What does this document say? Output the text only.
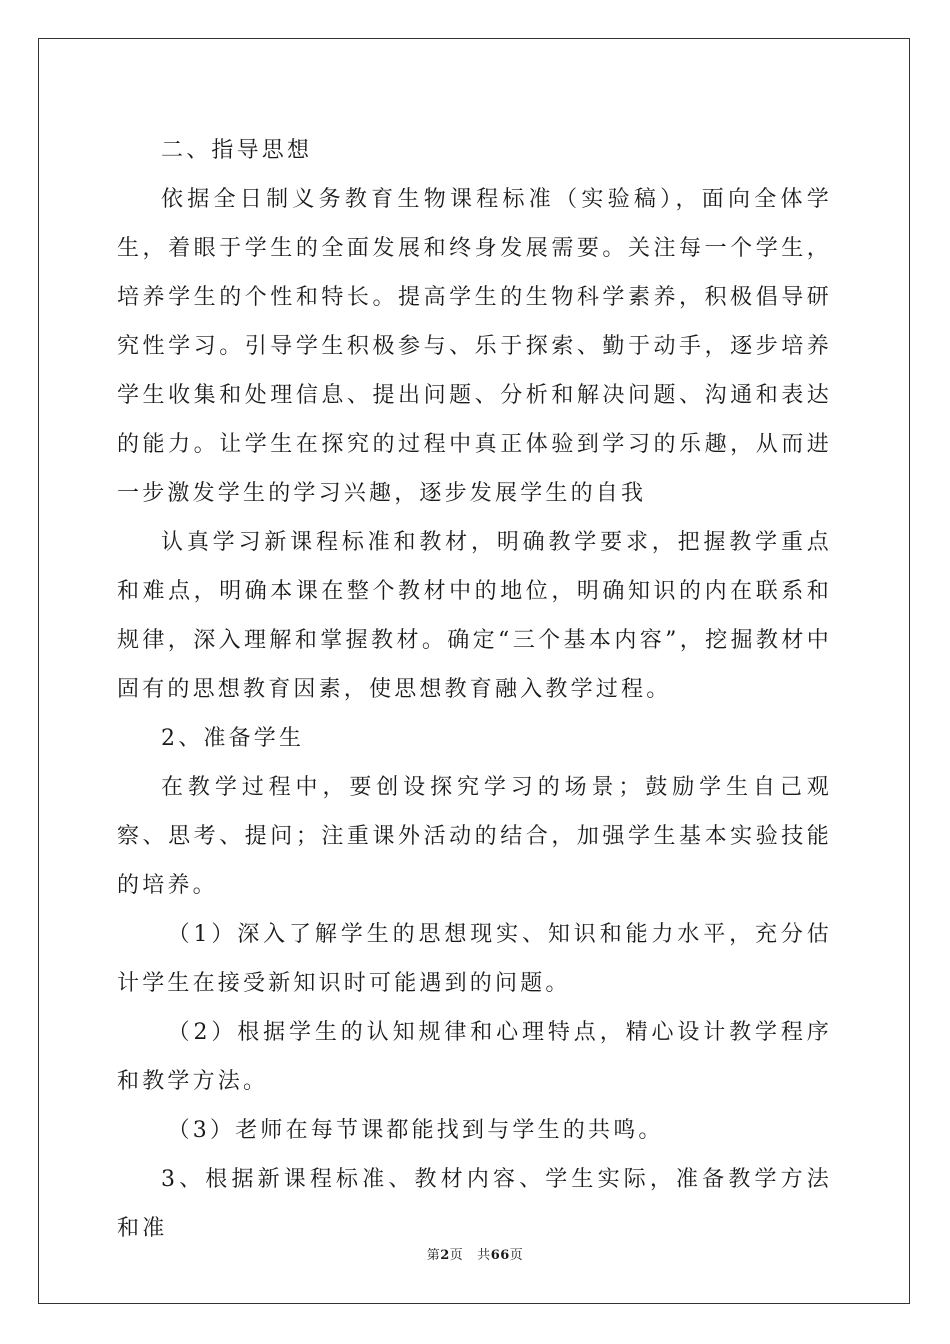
二、指导思想

依据全日制义务教育生物课程标准（实验稿），面向全体学生，着眼于学生的全面发展和终身发展需要。关注每一个学生，培养学生的个性和特长。提高学生的生物科学素养，积极倡导研究性学习。引导学生积极参与、乐于探索、勤于动手，逐步培养学生收集和处理信息、提出问题、分析和解决问题、沟通和表达的能力。让学生在探究的过程中真正体验到学习的乐趣，从而进一步激发学生的学习兴趣，逐步发展学生的自我

认真学习新课程标准和教材，明确教学要求，把握教学重点和难点，明确本课在整个教材中的地位，明确知识的内在联系和规律，深入理解和掌握教材。确定“三个基本内容”，挖掘教材中固有的思想教育因素，使思想教育融入教学过程。

2、准备学生

在教学过程中，要创设探究学习的场景；鼓励学生自己观察、思考、提问；注重课外活动的结合，加强学生基本实验技能的培养。

（1）深入了解学生的思想现实、知识和能力水平，充分估计学生在接受新知识时可能遇到的问题。

（2）根据学生的认知规律和心理特点，精心设计教学程序和教学方法。

（3）老师在每节课都能找到与学生的共鸣。

3、根据新课程标准、教材内容、学生实际，准备教学方法和准

第2页 共66页
